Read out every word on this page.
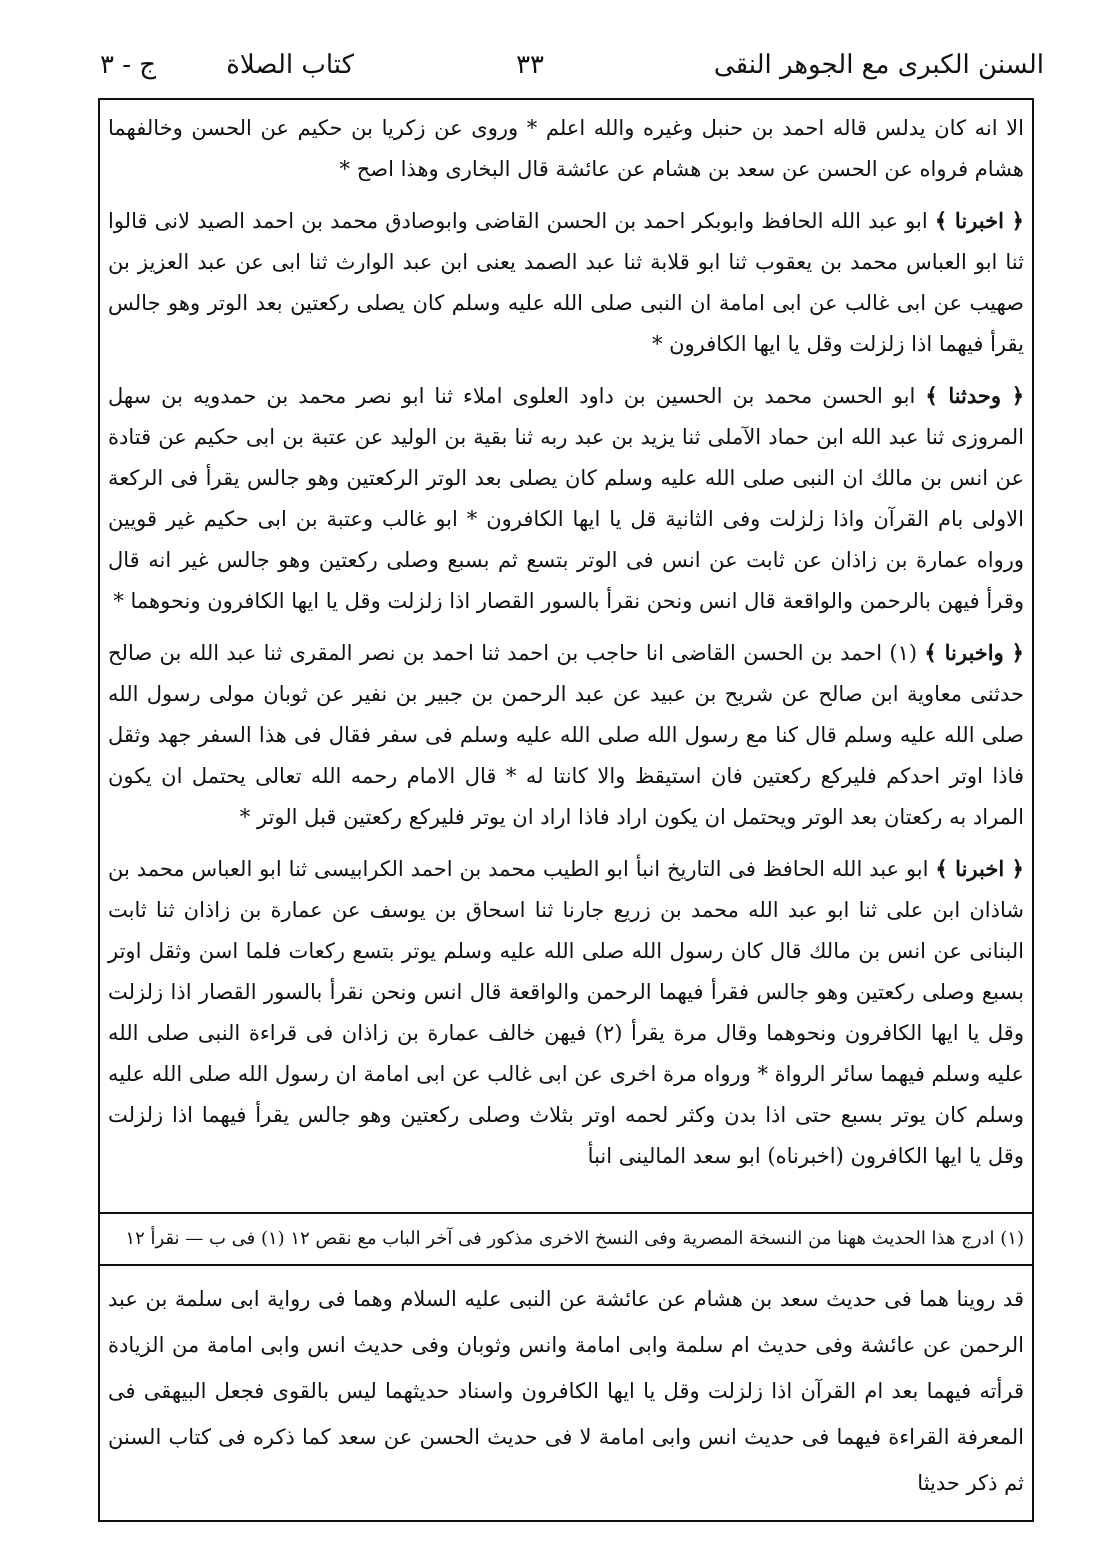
السنن الكبرى مع الجوهر النقى
٣٣
كتاب الصلاة
ج - ٣

الا انه كان يدلس قاله احمد بن حنبل وغيره والله اعلم * وروى عن زكريا بن حكيم عن الحسن وخالفهما هشام فرواه عن الحسن عن سعد بن هشام عن عائشة قال البخارى وهذا اصح *

﴿ اخبرنا ﴾ ابو عبد الله الحافظ وابوبكر احمد بن الحسن القاضى وابوصادق محمد بن احمد الصيد لانى قالوا ثنا ابو العباس محمد بن يعقوب ثنا ابو قلابة ثنا عبد الصمد يعنى ابن عبد الوارث ثنا ابى عن عبد العزيز بن صهيب عن ابى غالب عن ابى امامة ان النبى صلى الله عليه وسلم كان يصلى ركعتين بعد الوتر وهو جالس يقرأ فيهما اذا زلزلت وقل يا ايها الكافرون *

﴿ وحدثنا ﴾ ابو الحسن محمد بن الحسين بن داود العلوى املاء ثنا ابو نصر محمد بن حمدويه بن سهل المروزى ثنا عبد الله ابن حماد الآملى ثنا يزيد بن عبد ربه ثنا بقية بن الوليد عن عتبة بن ابى حكيم عن قتادة عن انس بن مالك ان النبى صلى الله عليه وسلم كان يصلى بعد الوتر الركعتين وهو جالس يقرأ فى الركعة الاولى بام القرآن واذا زلزلت وفى الثانية قل يا ايها الكافرون * ابو غالب وعتبة بن ابى حكيم غير قويين ورواه عمارة بن زاذان عن ثابت عن انس فى الوتر بتسع ثم بسبع وصلى ركعتين وهو جالس غير انه قال وقرأ فيهن بالرحمن والواقعة قال انس ونحن نقرأ بالسور القصار اذا زلزلت وقل يا ايها الكافرون ونحوهما *

﴿ واخبرنا ﴾ (١) احمد بن الحسن القاضى انا حاجب بن احمد ثنا احمد بن نصر المقرى ثنا عبد الله بن صالح حدثنى معاوية ابن صالح عن شريح بن عبيد عن عبد الرحمن بن جبير بن نفير عن ثوبان مولى رسول الله صلى الله عليه وسلم قال كنا مع رسول الله صلى الله عليه وسلم فى سفر فقال فى هذا السفر جهد وثقل فاذا اوتر احدكم فليركع ركعتين فان استيقظ والا كانتا له * قال الامام رحمه الله تعالى يحتمل ان يكون المراد به ركعتان بعد الوتر ويحتمل ان يكون اراد فاذا اراد ان يوتر فليركع ركعتين قبل الوتر *

﴿ اخبرنا ﴾ ابو عبد الله الحافظ فى التاريخ انبأ ابو الطيب محمد بن احمد الكرابيسى ثنا ابو العباس محمد بن شاذان ابن على ثنا ابو عبد الله محمد بن زريع جارنا ثنا اسحاق بن يوسف عن عمارة بن زاذان ثنا ثابت البنانى عن انس بن مالك قال كان رسول الله صلى الله عليه وسلم يوتر بتسع ركعات فلما اسن وثقل اوتر بسبع وصلى ركعتين وهو جالس فقرأ فيهما الرحمن والواقعة قال انس ونحن نقرأ بالسور القصار اذا زلزلت وقل يا ايها الكافرون ونحوهما وقال مرة يقرأ (٢) فيهن خالف عمارة بن زاذان فى قراءة النبى صلى الله عليه وسلم فيهما سائر الرواة * ورواه مرة اخرى عن ابى غالب عن ابى امامة ان رسول الله صلى الله عليه وسلم كان يوتر بسبع حتى اذا بدن وكثر لحمه اوتر بثلاث وصلى ركعتين وهو جالس يقرأ فيهما اذا زلزلت وقل يا ايها الكافرون (اخبرناه) ابو سعد المالينى انبأ

(١) ادرج هذا الحديث ههنا من النسخة المصرية وفى النسخ الاخرى مذكور فى آخر الباب مع نقص ١٢ (١) فى ب — نقرأ ١٢
قد روينا هما فى حديث سعد بن هشام عن عائشة عن النبى عليه السلام وهما فى رواية ابى سلمة بن عبد الرحمن عن عائشة وفى حديث ام سلمة وابى امامة وانس وثوبان وفى حديث انس وابى امامة من الزيادة قرأته فيهما بعد ام القرآن اذا زلزلت وقل يا ايها الكافرون واسناد حديثهما ليس بالقوى فجعل البيهقى فى المعرفة القراءة فيهما فى حديث انس وابى امامة لا فى حديث الحسن عن سعد كما ذكره فى كتاب السنن ثم ذكر حديثا
